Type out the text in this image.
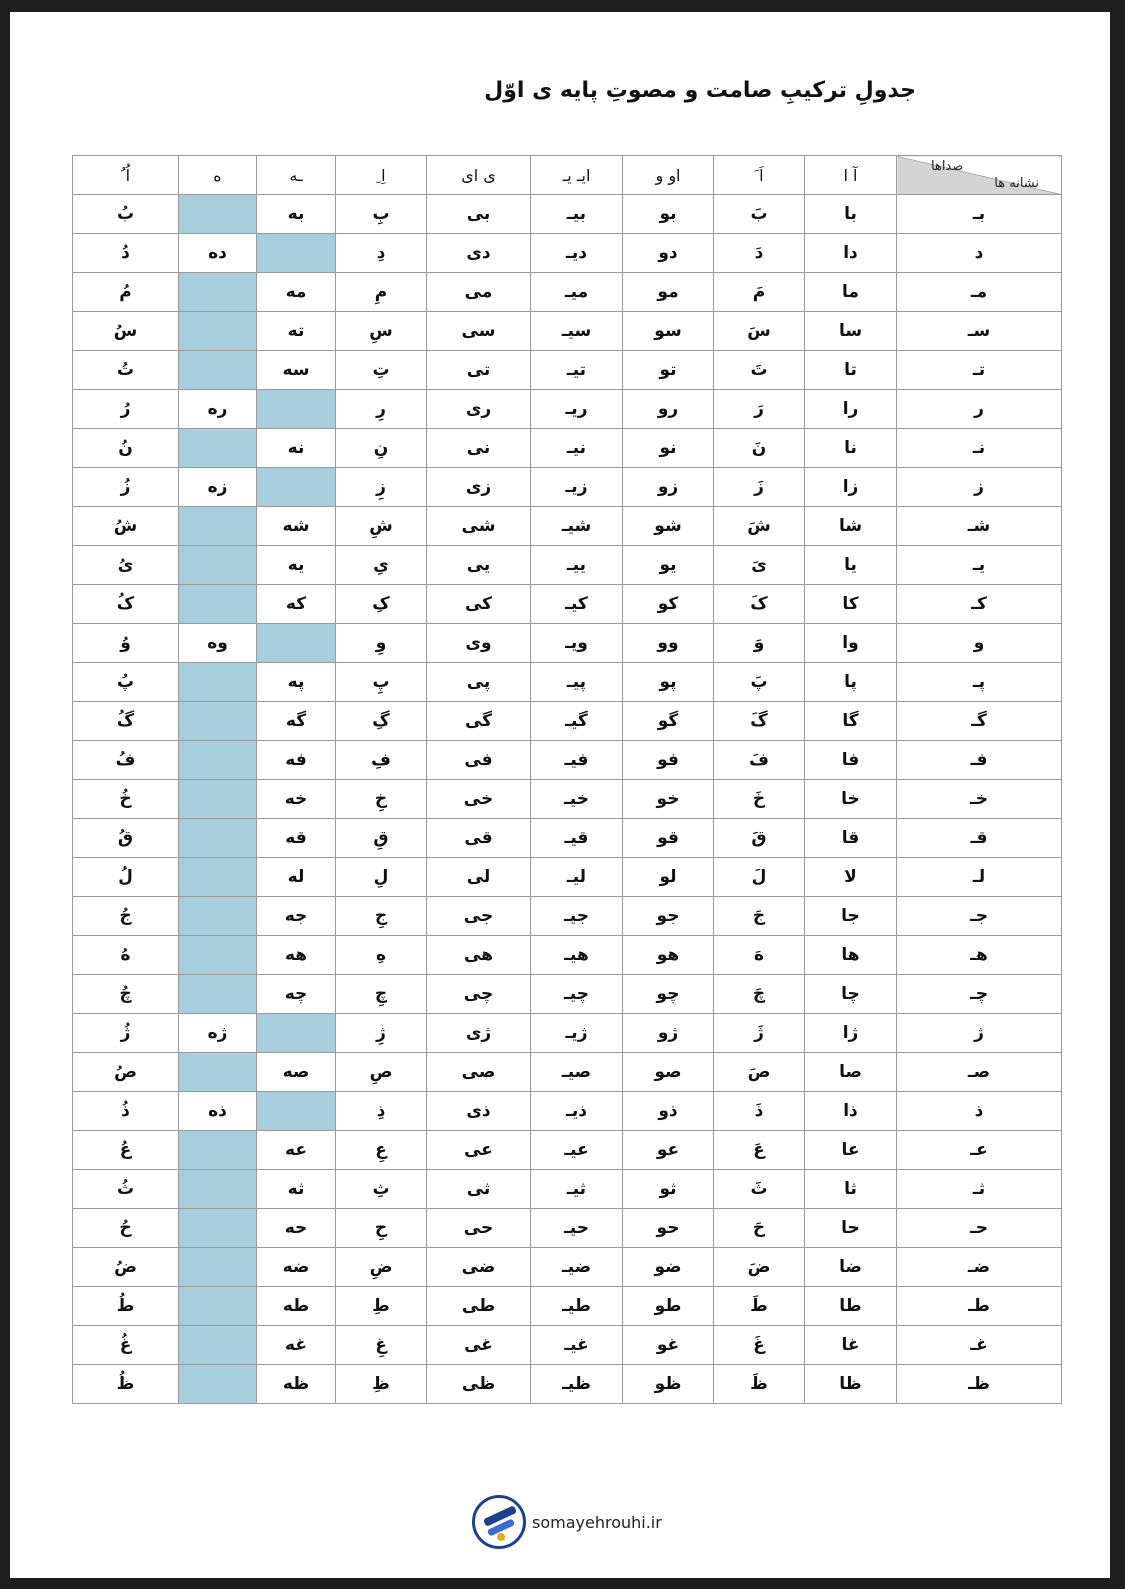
جدولِ ترکیبِ صامت و مصوتِ پایه ی اوّل
صداها
نشانه ها	آ ا	اَ َ	او و	ایـ یـ	ی ای	اِ ِ	ـه	ه	اُ ُ
بـ	با	بَ	بو	بیـ	بی	بِ	به		بُ
د	دا	دَ	دو	دیـ	دی	دِ		ده	دُ
مـ	ما	مَ	مو	میـ	می	مِ	مه		مُ
سـ	سا	سَ	سو	سیـ	سی	سِ	ته		سُ
تـ	تا	تَ	تو	تیـ	تی	تِ	سه		تُ
ر	را	رَ	رو	ریـ	ری	رِ		ره	رُ
نـ	نا	نَ	نو	نیـ	نی	نِ	نه		نُ
ز	زا	زَ	زو	زیـ	زی	زِ		زه	زُ
شـ	شا	شَ	شو	شیـ	شی	شِ	شه		شُ
یـ	یا	یَ	یو	ییـ	یی	یِ	یه		یُ
کـ	کا	کَ	کو	کیـ	کی	کِ	که		کُ
و	وا	وَ	وو	ویـ	وی	وِ		وه	وُ
پـ	پا	پَ	پو	پیـ	پی	پِ	په		پُ
گـ	گا	گَ	گو	گیـ	گی	گِ	گه		گُ
فـ	فا	فَ	فو	فیـ	فی	فِ	فه		فُ
خـ	خا	خَ	خو	خیـ	خی	خِ	خه		خُ
قـ	قا	قَ	قو	قیـ	قی	قِ	قه		قُ
لـ	لا	لَ	لو	لیـ	لی	لِ	له		لُ
جـ	جا	جَ	جو	جیـ	جی	جِ	جه		جُ
هـ	ها	هَ	هو	هیـ	هی	هِ	هه		هُ
چـ	چا	چَ	چو	چیـ	چی	چِ	چه		چُ
ژ	ژا	ژَ	ژو	ژیـ	ژی	ژِ		ژه	ژُ
صـ	صا	صَ	صو	صیـ	صی	صِ	صه		صُ
ذ	ذا	ذَ	ذو	ذیـ	ذی	ذِ		ذه	ذُ
عـ	عا	عَ	عو	عیـ	عی	عِ	عه		عُ
ثـ	ثا	ثَ	ثو	ثیـ	ثی	ثِ	ثه		ثُ
حـ	حا	حَ	حو	حیـ	حی	حِ	حه		حُ
ضـ	ضا	ضَ	ضو	ضیـ	ضی	ضِ	ضه		ضُ
طـ	طا	طَ	طو	طیـ	طی	طِ	طه		طُ
غـ	غا	غَ	غو	غیـ	غی	غِ	غه		غُ
ظـ	ظا	ظَ	ظو	ظیـ	ظی	ظِ	ظه		ظُ
somayehrouhi.ir
